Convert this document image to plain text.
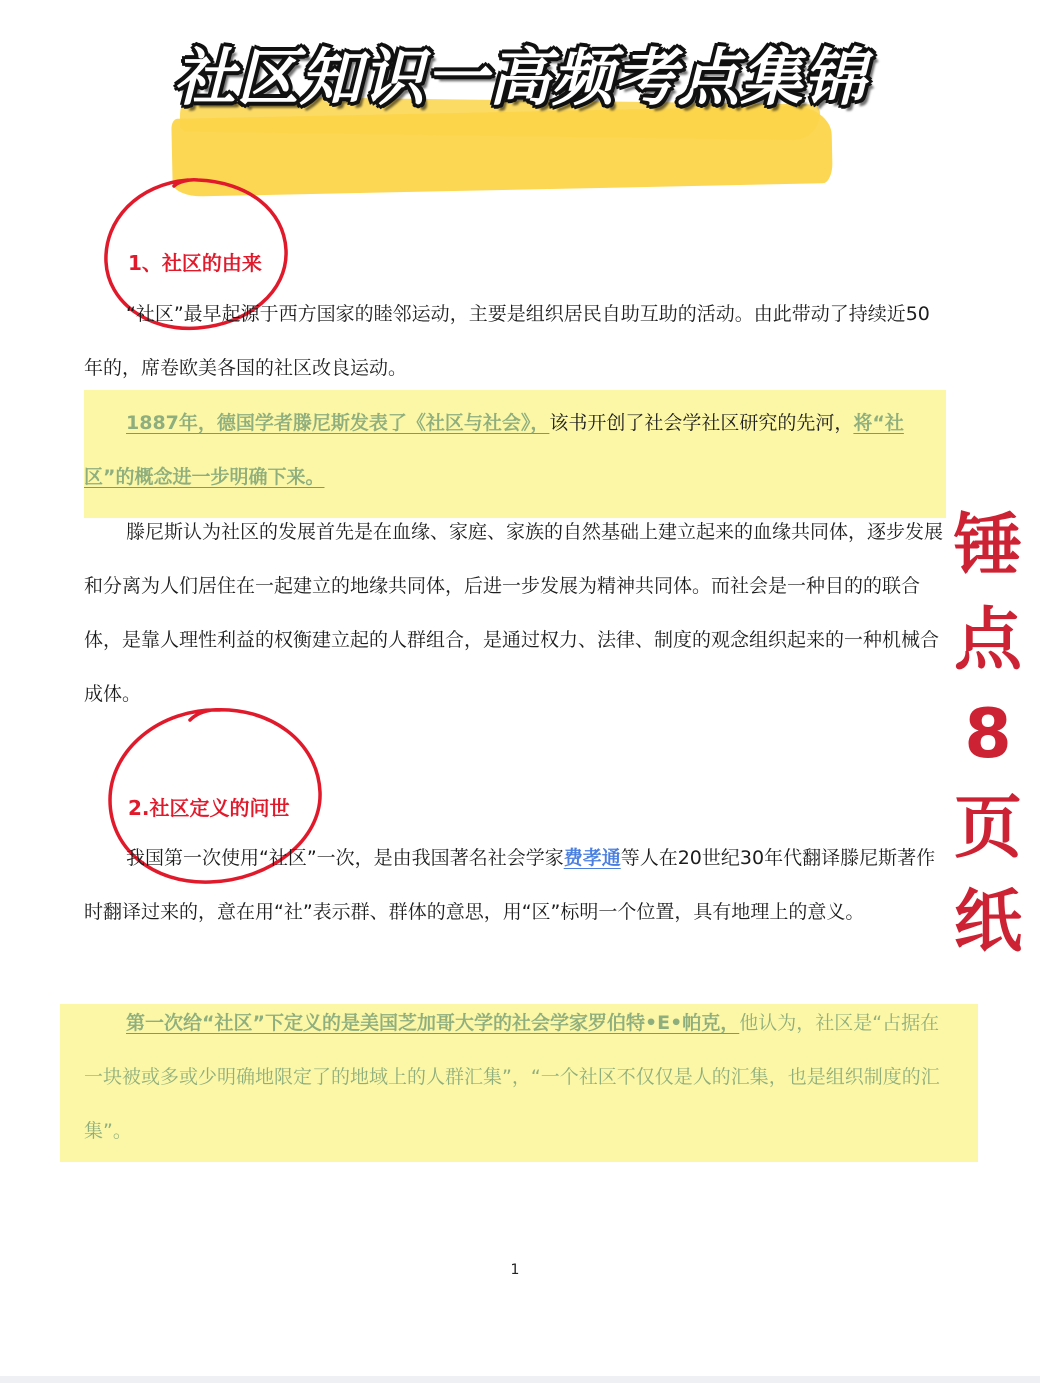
社区知识一高频考点集锦
1、社区的由来

“社区”最早起源于西方国家的睦邻运动，主要是组织居民自助互助的活动。由此带动了持续近50年的，席卷欧美各国的社区改良运动。

1887年，德国学者滕尼斯发表了《社区与社会》，该书开创了社会学社区研究的先河，将“社区”的概念进一步明确下来。

滕尼斯认为社区的发展首先是在血缘、家庭、家族的自然基础上建立起来的血缘共同体，逐步发展和分离为人们居住在一起建立的地缘共同体，后进一步发展为精神共同体。而社会是一种目的的联合体，是靠人理性利益的权衡建立起的人群组合，是通过权力、法律、制度的观念组织起来的一种机械合成体。

2.社区定义的问世

我国第一次使用“社区”一次，是由我国著名社会学家费孝通等人在20世纪30年代翻译滕尼斯著作时翻译过来的，意在用“社”表示群、群体的意思，用“区”标明一个位置，具有地理上的意义。

第一次给“社区”下定义的是美国芝加哥大学的社会学家罗伯特•E•帕克，他认为，社区是“占据在一块被或多或少明确地限定了的地域上的人群汇集”，“一个社区不仅仅是人的汇集，也是组织制度的汇集”。

锤
点
8
页
纸
1
